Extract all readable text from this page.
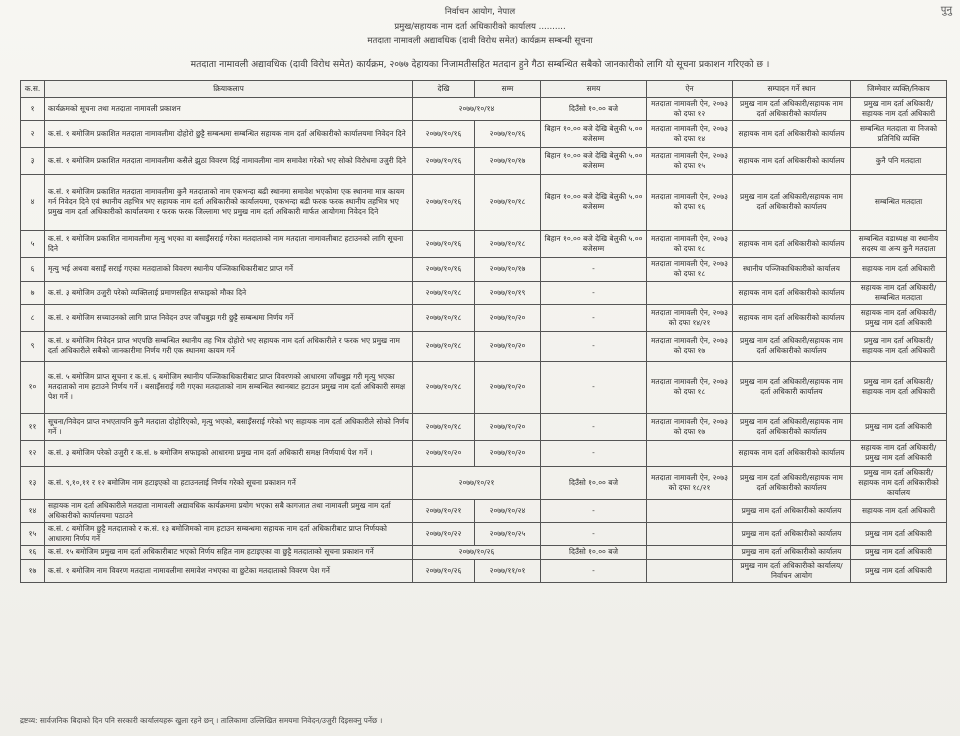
पुनु
निर्वाचन आयोग, नेपाल
प्रमुख/सहायक नाम दर्ता अधिकारीको कार्यालय ..........
मतदाता नामावली अद्यावधिक (दावी विरोध समेत) कार्यक्रम सम्बन्धी सूचना
मतदाता नामावली अद्यावधिक (दावी विरोध समेत) कार्यक्रम, २०७७ देहायका निजामतीसहित मतदान हुने गैठा सम्बन्धित सबैको जानकारीको लागि यो सूचना प्रकाशन गरिएको छ ।
क.स.	क्रियाकलाप	देखि	सम्म	समय	ऐन	सम्पादन गर्ने स्थान	जिम्मेवार व्यक्ति/निकाय
१	कार्यक्रमको सूचना तथा मतदाता नामावली प्रकाशन	२०७७/१०/१४		दिउँसो १०.०० बजे	मतदाता नामावली ऐन, २०७३ को दफा १२	प्रमुख नाम दर्ता अधिकारी/सहायक नाम दर्ता अधिकारीको कार्यालय	प्रमुख नाम दर्ता अधिकारी/सहायक नाम दर्ता अधिकारी
२	क.सं. १ बमोजिम प्रकाशित मतदाता नामावलीमा दोहोरो छुट्टै सम्बन्धमा सम्बन्धित सहायक नाम दर्ता अधिकारीको कार्यालयमा निवेदन दिने	२०७७/१०/१६	२०७७/१०/१६	बिहान १०.०० बजे देखि बेलुकी ५.०० बजेसम्म	मतदाता नामावली ऐन, २०७३ को दफा १४	सहायक नाम दर्ता अधिकारीको कार्यालय	सम्बन्धित मतदाता वा निजको प्रतिनिधि व्यक्ति
३	क.सं. १ बमोजिम प्रकाशित मतदाता नामावलीमा कसैले झुठा विवरण दिई नामावलीमा नाम समावेश गरेको भए सोको विरोधमा उजुरी दिने	२०७७/१०/१६	२०७७/१०/१७	बिहान १०.०० बजे देखि बेलुकी ५.०० बजेसम्म	मतदाता नामावली ऐन, २०७३ को दफा १५	सहायक नाम दर्ता अधिकारीको कार्यालय	कुनै पनि मतदाता
४	क.सं. १ बमोजिम प्रकाशित मतदाता नामावलीमा कुनै मतदाताको नाम एकभन्दा बढी स्थानमा समावेश भएकोमा एक स्थानमा मात्र कायम गर्न निवेदन दिने एवं स्थानीय तहभित्र भए सहायक नाम दर्ता अधिकारीको कार्यालयमा, एकभन्दा बढी फरक फरक स्थानीय तहभित्र भए प्रमुख नाम दर्ता अधिकारीको कार्यालयमा र फरक फरक जिल्लामा भए प्रमुख नाम दर्ता अधिकारी मार्फत आयोगमा निवेदन दिने	२०७७/१०/१६	२०७७/१०/१८	बिहान १०.०० बजे देखि बेलुकी ५.०० बजेसम्म	मतदाता नामावली ऐन, २०७३ को दफा १६	प्रमुख नाम दर्ता अधिकारी/सहायक नाम दर्ता अधिकारीको कार्यालय	सम्बन्धित मतदाता
५	क.सं. १ बमोजिम प्रकाशित नामावलीमा मृत्यु भएका वा बसाइँसराई गरेका मतदाताको नाम मतदाता नामावलीबाट हटाउनको लागि सूचना दिने	२०७७/१०/१६	२०७७/१०/१८	बिहान १०.०० बजे देखि बेलुकी ५.०० बजेसम्म	मतदाता नामावली ऐन, २०७३ को दफा १८	सहायक नाम दर्ता अधिकारीको कार्यालय	सम्बन्धित वडाध्यक्ष वा स्थानीय सदस्य वा अन्य कुनै मतदाता
६	मृत्यु भई अथवा बसाइँ सराई गएका मतदाताको विवरण स्थानीय पञ्जिकाधिकारीबाट प्राप्त गर्ने	२०७७/१०/१६	२०७७/१०/१७	-	मतदाता नामावली ऐन, २०७३ को दफा १८	स्थानीय पञ्जिकाधिकारीको कार्यालय	सहायक नाम दर्ता अधिकारी
७	क.सं. ३ बमोजिम उजुरी परेको व्यक्तिलाई प्रमाणसहित सफाइको मौका दिने	२०७७/१०/१८	२०७७/१०/१९	-		सहायक नाम दर्ता अधिकारीको कार्यालय	सहायक नाम दर्ता अधिकारी/सम्बन्धित मतदाता
८	क.सं. २ बमोजिम सच्याउनको लागि प्राप्त निवेदन उपर जाँचबुझ गरी छुट्टै सम्बन्धमा निर्णय गर्ने	२०७७/१०/१८	२०७७/१०/२०	-	मतदाता नामावली ऐन, २०७३ को दफा १४/२१	सहायक नाम दर्ता अधिकारीको कार्यालय	सहायक नाम दर्ता अधिकारी/प्रमुख नाम दर्ता अधिकारी
९	क.सं. ४ बमोजिम निवेदन प्राप्त भएपछि सम्बन्धित स्थानीय तह भित्र दोहोरो भए सहायक नाम दर्ता अधिकारीले र फरक भए प्रमुख नाम दर्ता अधिकारीले सबैको जानकारीमा निर्णय गरी एक स्थानमा कायम गर्ने	२०७७/१०/१८	२०७७/१०/२०	-	मतदाता नामावली ऐन, २०७३ को दफा १७	प्रमुख नाम दर्ता अधिकारी/सहायक नाम दर्ता अधिकारीको कार्यालय	प्रमुख नाम दर्ता अधिकारी/सहायक नाम दर्ता अधिकारी
१०	क.सं. ५ बमोजिम प्राप्त सूचना र क.सं. ६ बमोजिम स्थानीय पञ्जिकाधिकारीबाट प्राप्त विवरणको आधारमा जाँचबुझ गरी मृत्यु भएका मतदाताको नाम हटाउने निर्णय गर्ने । बसाइँसराई गरी गएका मतदाताको नाम सम्बन्धित स्थानबाट हटाउन प्रमुख नाम दर्ता अधिकारी समक्ष पेश गर्ने ।	२०७७/१०/१८	२०७७/१०/२०	-	मतदाता नामावली ऐन, २०७३ को दफा १८	प्रमुख नाम दर्ता अधिकारी/सहायक नाम दर्ता अधिकारी कार्यालय	प्रमुख नाम दर्ता अधिकारी/सहायक नाम दर्ता अधिकारी
११	सूचना/निवेदन प्राप्त नभएतापनि कुनै मतदाता दोहोरिएको, मृत्यु भएको, बसाइँसराई गरेको भए सहायक नाम दर्ता अधिकारीले सोको निर्णय गर्ने ।	२०७७/१०/१८	२०७७/१०/२०	-	मतदाता नामावली ऐन, २०७३ को दफा १७	प्रमुख नाम दर्ता अधिकारी/सहायक नाम दर्ता अधिकारीको कार्यालय	प्रमुख नाम दर्ता अधिकारी
१२	क.सं. ३ बमोजिम परेको उजुरी र क.सं. ७ बमोजिम सफाइको आधारमा प्रमुख नाम दर्ता अधिकारी समक्ष निर्णयार्थ पेश गर्ने ।	२०७७/१०/२०	२०७७/१०/२०	-		सहायक नाम दर्ता अधिकारीको कार्यालय	सहायक नाम दर्ता अधिकारी/प्रमुख नाम दर्ता अधिकारी
१३	क.सं. ९,१०,११ र १२ बमोजिम नाम हटाइएको वा हटाउनलाई निर्णय गरेको सूचना प्रकाशन गर्ने	२०७७/१०/२१		दिउँसो १०.०० बजे	मतदाता नामावली ऐन, २०७३ को दफा १८/२१	प्रमुख नाम दर्ता अधिकारी/सहायक नाम दर्ता अधिकारीको कार्यालय	प्रमुख नाम दर्ता अधिकारी/सहायक नाम दर्ता अधिकारीको कार्यालय
१४	सहायक नाम दर्ता अधिकारीले मतदाता नामावली अद्यावधिक कार्यक्रममा प्रयोग भएका सबै कागजात तथा नामावली प्रमुख नाम दर्ता अधिकारीको कार्यालयमा पठाउने	२०७७/१०/२१	२०७७/१०/२४	-		प्रमुख नाम दर्ता अधिकारीको कार्यालय	सहायक नाम दर्ता अधिकारी
१५	क.सं. ८ बमोजिम छुट्टै मतदाताको र क.सं. १३ बमोजिमको नाम हटाउन सम्बन्धमा सहायक नाम दर्ता अधिकारीबाट प्राप्त निर्णयको आधारमा निर्णय गर्ने	२०७७/१०/२२	२०७७/१०/२५	-		प्रमुख नाम दर्ता अधिकारीको कार्यालय	प्रमुख नाम दर्ता अधिकारी
१६	क.सं. १५ बमोजिम प्रमुख नाम दर्ता अधिकारीबाट भएको निर्णय सहित नाम हटाइएका वा छुट्टै मतदाताको सूचना प्रकाशन गर्ने	२०७७/१०/२६		दिउँसो १०.०० बजे		प्रमुख नाम दर्ता अधिकारीको कार्यालय	प्रमुख नाम दर्ता अधिकारी
१७	क.सं. १ बमोजिम नाम विवरण मतदाता नामावलीमा समावेश नभएका वा छुटेका मतदाताको विवरण पेश गर्ने	२०७७/१०/२६	२०७७/११/०१	-		प्रमुख नाम दर्ता अधिकारीको कार्यालय/निर्वाचन आयोग	प्रमुख नाम दर्ता अधिकारी
द्रष्टव्य: सार्वजनिक बिदाको दिन पनि सरकारी कार्यालयहरू खुला रहने छन् । तालिकामा उल्लिखित समयमा निवेदन/उजुरी दिइसक्नु पर्नेछ ।
